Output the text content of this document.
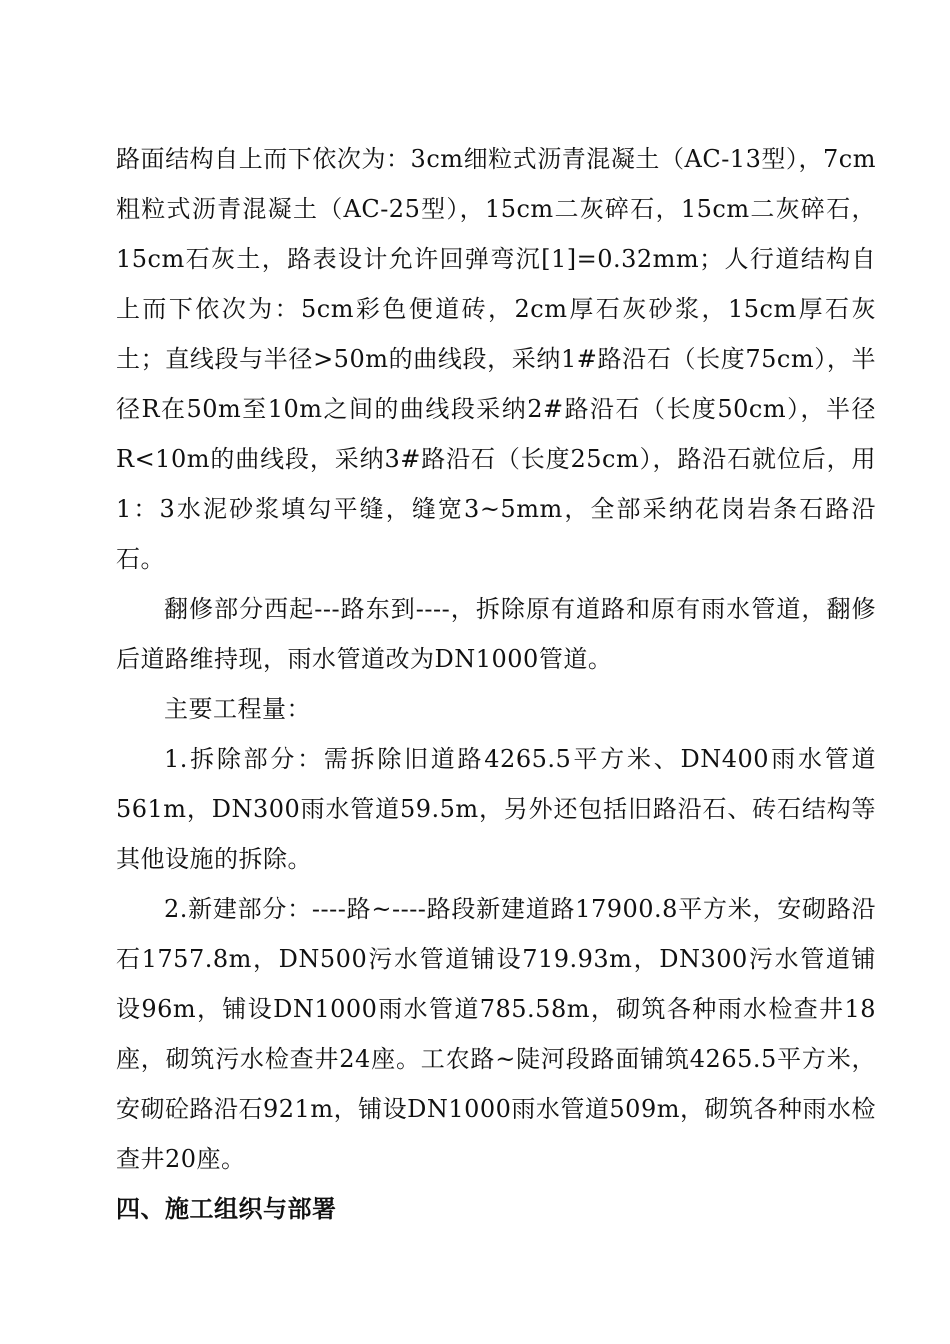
路面结构自上而下依次为：3cm细粒式沥青混凝土（AC-13型），7cm粗粒式沥青混凝土（AC-25型），15cm二灰碎石，15cm二灰碎石，15cm石灰土，路表设计允许回弹弯沉[1]=0.32mm；人行道结构自上而下依次为：5cm彩色便道砖，2cm厚石灰砂浆，15cm厚石灰土；直线段与半径>50m的曲线段，采纳1#路沿石（长度75cm），半径R在50m至10m之间的曲线段采纳2#路沿石（长度50cm），半径R<10m的曲线段，采纳3#路沿石（长度25cm），路沿石就位后，用1：3水泥砂浆填勾平缝，缝宽3~5mm，全部采纳花岗岩条石路沿石。

翻修部分西起---路东到----，拆除原有道路和原有雨水管道，翻修后道路维持现，雨水管道改为DN1000管道。

主要工程量：

1.拆除部分：需拆除旧道路4265.5平方米、DN400雨水管道561m，DN300雨水管道59.5m，另外还包括旧路沿石、砖石结构等其他设施的拆除。

2.新建部分：----路~----路段新建道路17900.8平方米，安砌路沿石1757.8m，DN500污水管道铺设719.93m，DN300污水管道铺设96m，铺设DN1000雨水管道785.58m，砌筑各种雨水检查井18座，砌筑污水检查井24座。工农路~陡河段路面铺筑4265.5平方米，安砌砼路沿石921m，铺设DN1000雨水管道509m，砌筑各种雨水检查井20座。

四、施工组织与部署
